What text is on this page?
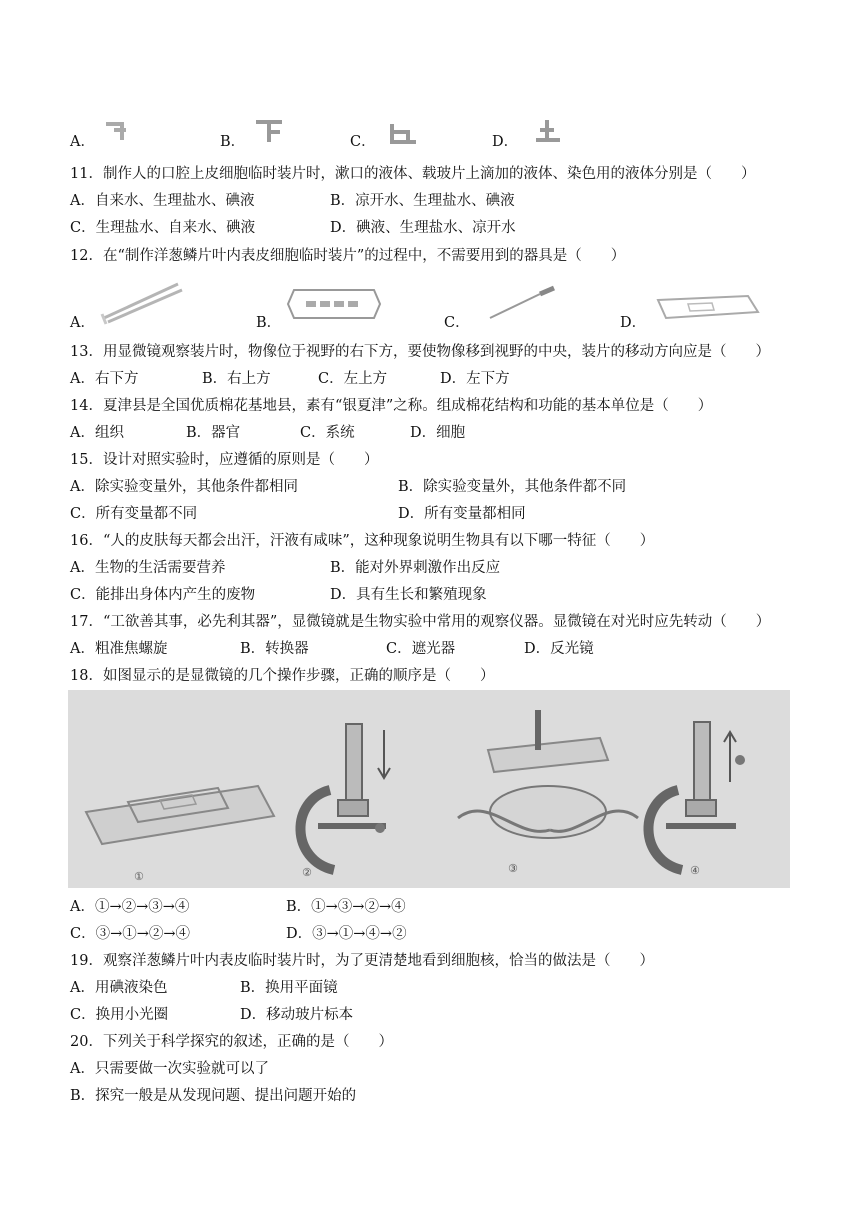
A．	B．	C．	D．
11．制作人的口腔上皮细胞临时装片时，漱口的液体、载玻片上滴加的液体、染色用的液体分别是（　　）
A．自来水、生理盐水、碘液	B．凉开水、生理盐水、碘液
C．生理盐水、自来水、碘液	D．碘液、生理盐水、凉开水
12．在“制作洋葱鳞片叶内表皮细胞临时装片”的过程中，不需要用到的器具是（　　）
A．	B．	C．	D．
13．用显微镜观察装片时，物像位于视野的右下方，要使物像移到视野的中央，装片的移动方向应是（　　）
A．右下方	B．右上方	C．左上方	D．左下方
14．夏津县是全国优质棉花基地县，素有“银夏津”之称。组成棉花结构和功能的基本单位是（　　）
A．组织	B．器官	C．系统	D．细胞
15．设计对照实验时，应遵循的原则是（　　）
A．除实验变量外，其他条件都相同	B．除实验变量外，其他条件都不同
C．所有变量都不同	D．所有变量都相同
16．“人的皮肤每天都会出汗，汗液有咸味”，这种现象说明生物具有以下哪一特征（　　）
A．生物的生活需要营养	B．能对外界刺激作出反应
C．能排出身体内产生的废物	D．具有生长和繁殖现象
17．“工欲善其事，必先利其器”，显微镜就是生物实验中常用的观察仪器。显微镜在对光时应先转动（　　）
A．粗准焦螺旋	B．转换器	C．遮光器	D．反光镜
18．如图显示的是显微镜的几个操作步骤，正确的顺序是（　　）
①	②	③	④
A．①→②→③→④	B．①→③→②→④
C．③→①→②→④	D．③→①→④→②
19．观察洋葱鳞片叶内表皮临时装片时，为了更清楚地看到细胞核，恰当的做法是（　　）
A．用碘液染色	B．换用平面镜
C．换用小光圈	D．移动玻片标本
20．下列关于科学探究的叙述，正确的是（　　）
A．只需要做一次实验就可以了
B．探究一般是从发现问题、提出问题开始的
